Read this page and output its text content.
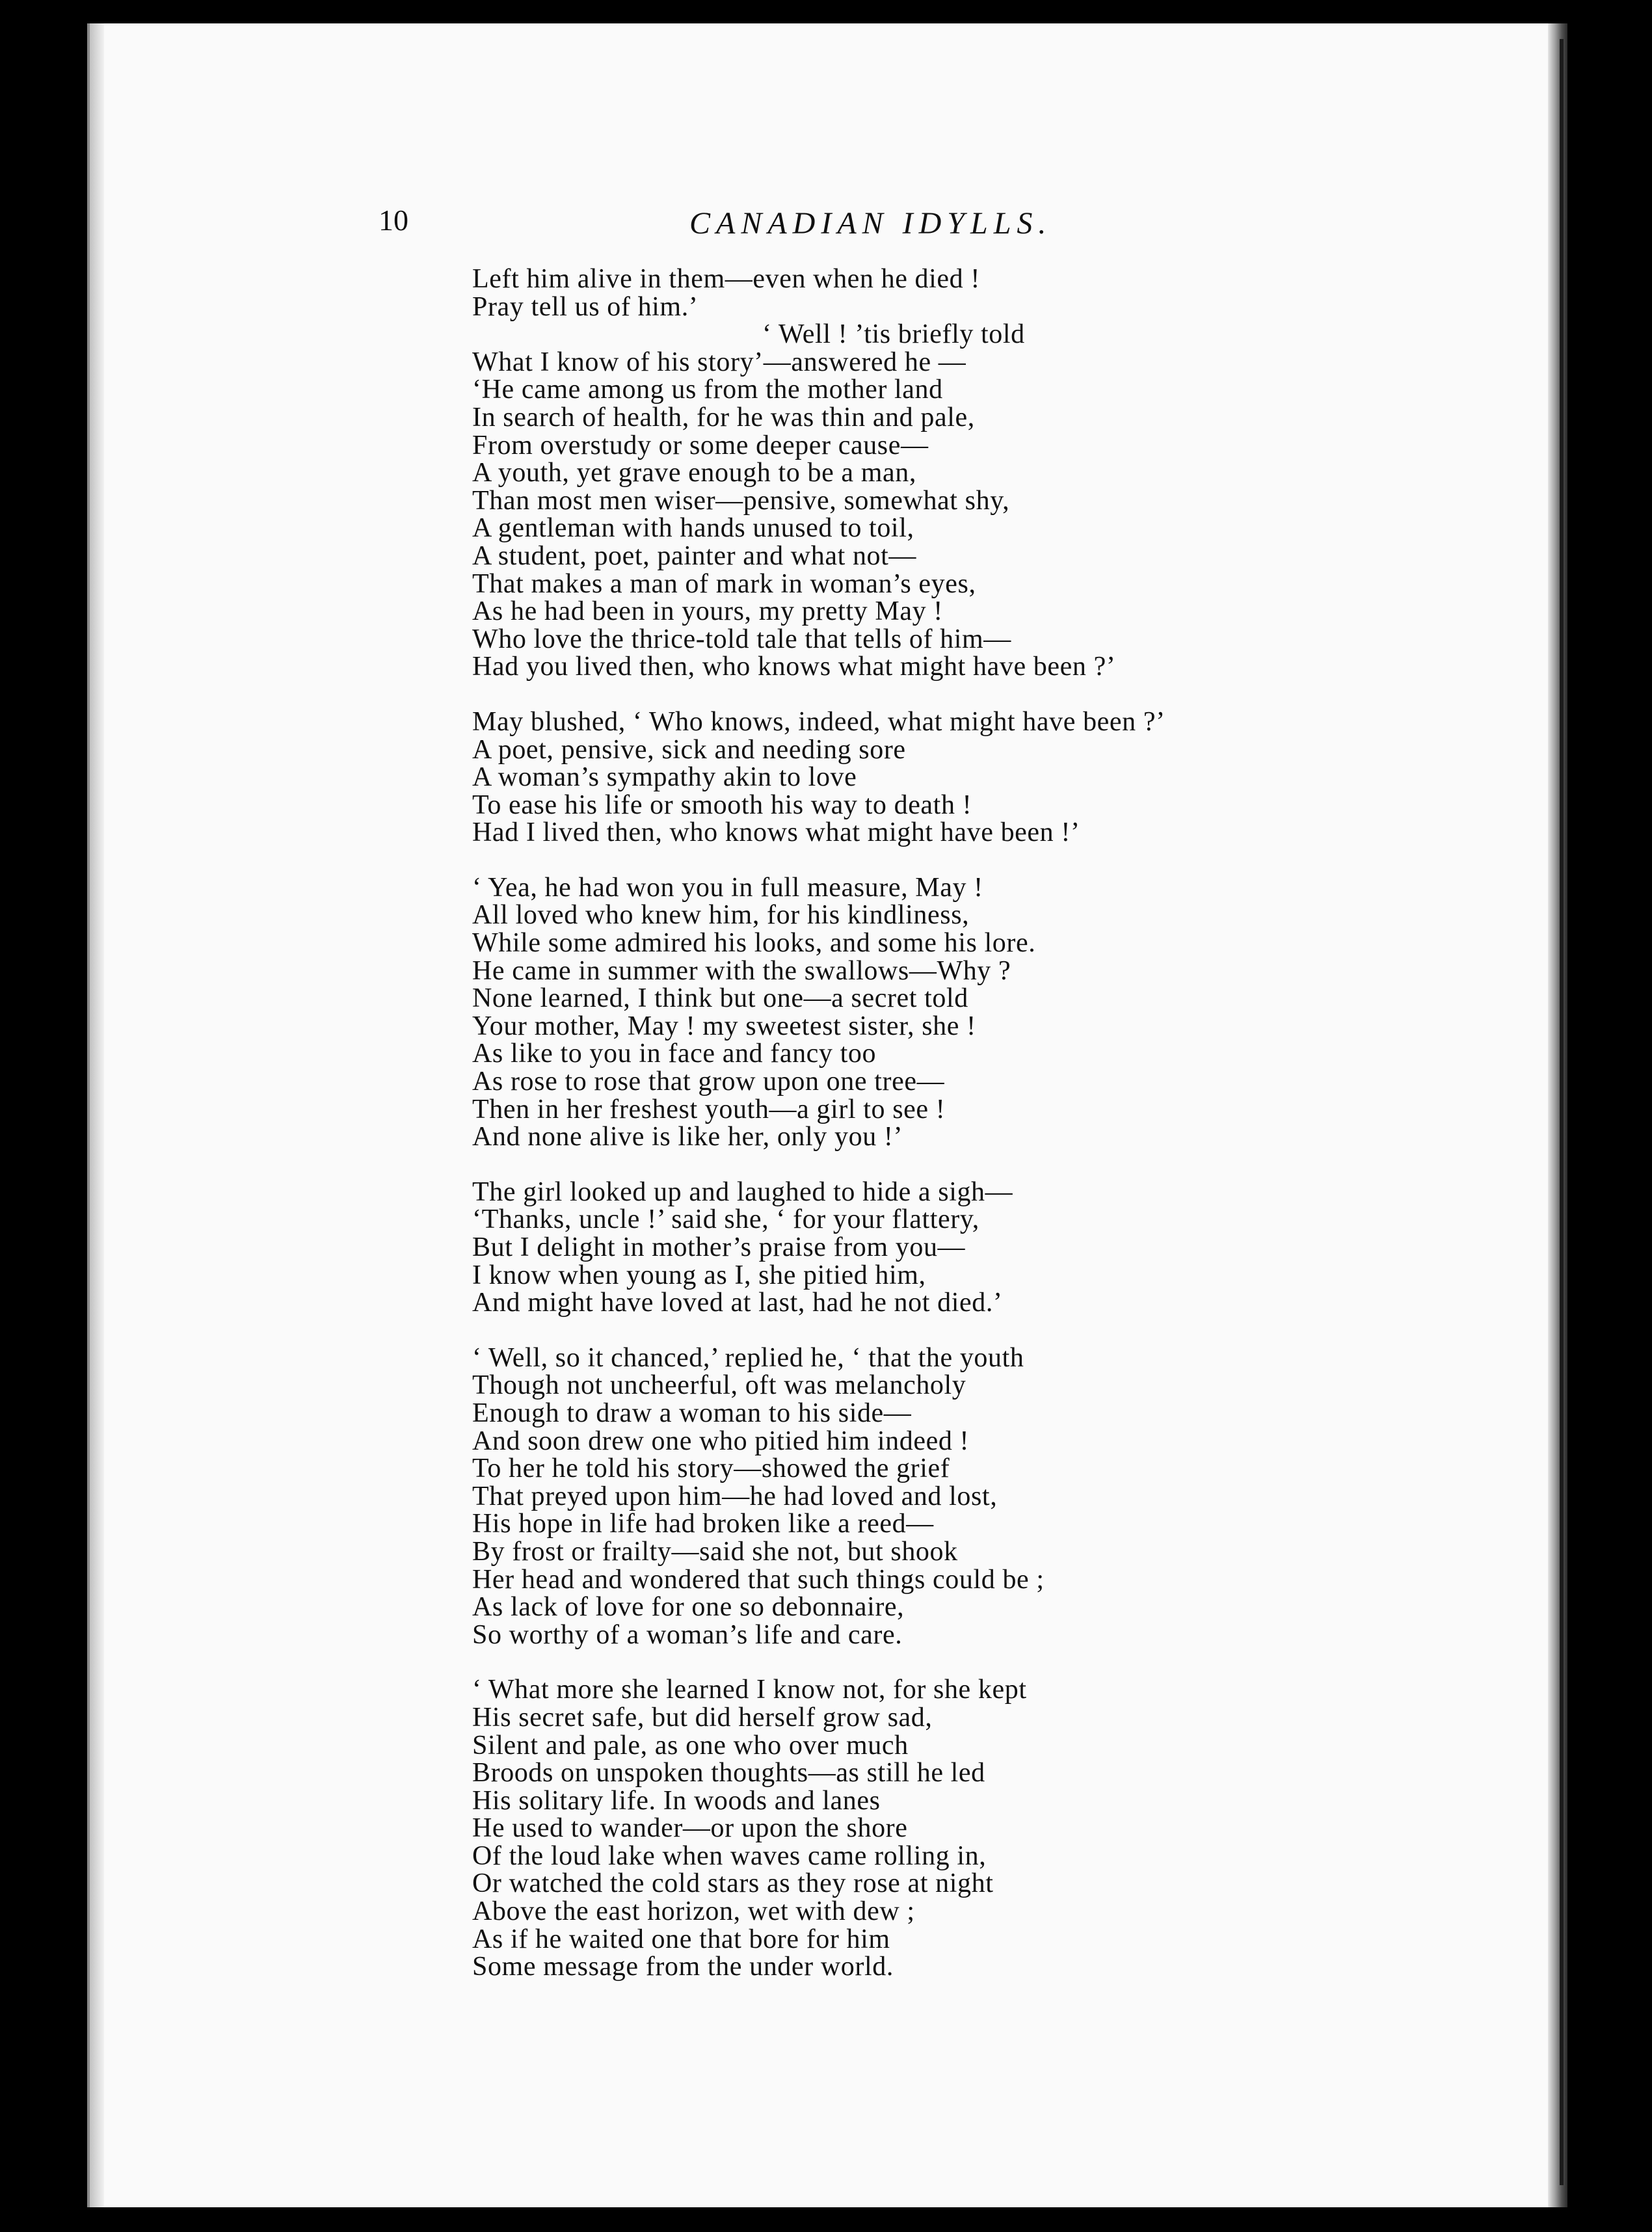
10	CANADIAN IDYLLS.
Left him alive in them—even when he died !
Pray tell us of him.’
‘ Well ! ’tis briefly told
What I know of his story’—answered he —
‘He came among us from the mother land
In search of health, for he was thin and pale,
From overstudy or some deeper cause—
A youth, yet grave enough to be a man,
Than most men wiser—pensive, somewhat shy,
A gentleman with hands unused to toil,
A student, poet, painter and what not—
That makes a man of mark in woman’s eyes,
As he had been in yours, my pretty May !
Who love the thrice-told tale that tells of him—
Had you lived then, who knows what might have been ?’
May blushed, ‘ Who knows, indeed, what might have been ?’
A poet, pensive, sick and needing sore
A woman’s sympathy akin to love
To ease his life or smooth his way to death !
Had I lived then, who knows what might have been !’
‘ Yea, he had won you in full measure, May !
All loved who knew him, for his kindliness,
While some admired his looks, and some his lore.
He came in summer with the swallows—Why ?
None learned, I think but one—a secret told
Your mother, May ! my sweetest sister, she !
As like to you in face and fancy too
As rose to rose that grow upon one tree—
Then in her freshest youth—a girl to see !
And none alive is like her, only you !’
The girl looked up and laughed to hide a sigh—
‘Thanks, uncle !’ said she, ‘ for your flattery,
But I delight in mother’s praise from you—
I know when young as I, she pitied him,
And might have loved at last, had he not died.’
‘ Well, so it chanced,’ replied he, ‘ that the youth
Though not uncheerful, oft was melancholy
Enough to draw a woman to his side—
And soon drew one who pitied him indeed !
To her he told his story—showed the grief
That preyed upon him—he had loved and lost,
His hope in life had broken like a reed—
By frost or frailty—said she not, but shook
Her head and wondered that such things could be ;
As lack of love for one so debonnaire,
So worthy of a woman’s life and care.
‘ What more she learned I know not, for she kept
His secret safe, but did herself grow sad,
Silent and pale, as one who over much
Broods on unspoken thoughts—as still he led
His solitary life. In woods and lanes
He used to wander—or upon the shore
Of the loud lake when waves came rolling in,
Or watched the cold stars as they rose at night
Above the east horizon, wet with dew ;
As if he waited one that bore for him
Some message from the under world.
